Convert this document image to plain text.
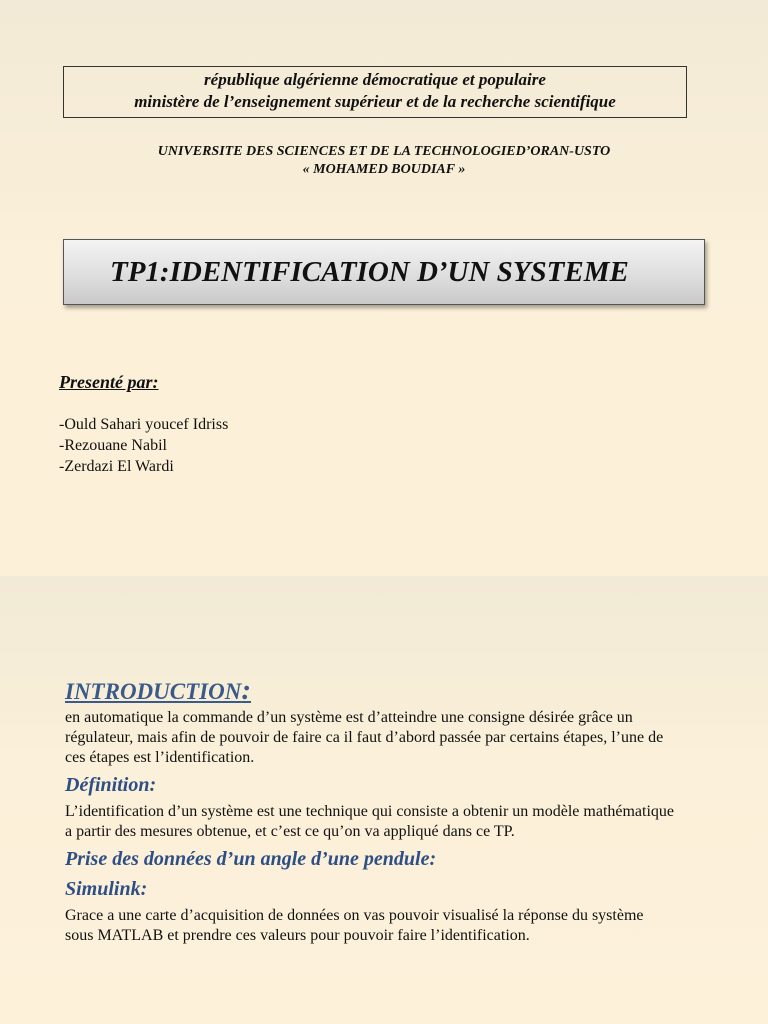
république algérienne démocratique et populaire
ministère de l’enseignement supérieur et de la recherche scientifique
UNIVERSITE DES SCIENCES ET DE LA TECHNOLOGIED’ORAN-USTO
« MOHAMED BOUDIAF »
TP1:IDENTIFICATION D’UN SYSTEME
Presenté par:
-Ould Sahari youcef Idriss
-Rezouane Nabil
-Zerdazi El Wardi
INTRODUCTION:
en automatique la commande d’un système est d’atteindre une consigne désirée grâce un
régulateur, mais afin de pouvoir de faire ca il faut d’abord passée par certains étapes, l’une de
ces étapes est l’identification.
Définition:
L’identification d’un système est une technique qui consiste a obtenir un modèle mathématique
a partir des mesures obtenue, et c’est ce qu’on va appliqué dans ce TP.
Prise des données d’un angle d’une pendule:
Simulink:
Grace a une carte d’acquisition de données on vas pouvoir visualisé la réponse du système
sous MATLAB et prendre ces valeurs pour pouvoir faire l’identification.
